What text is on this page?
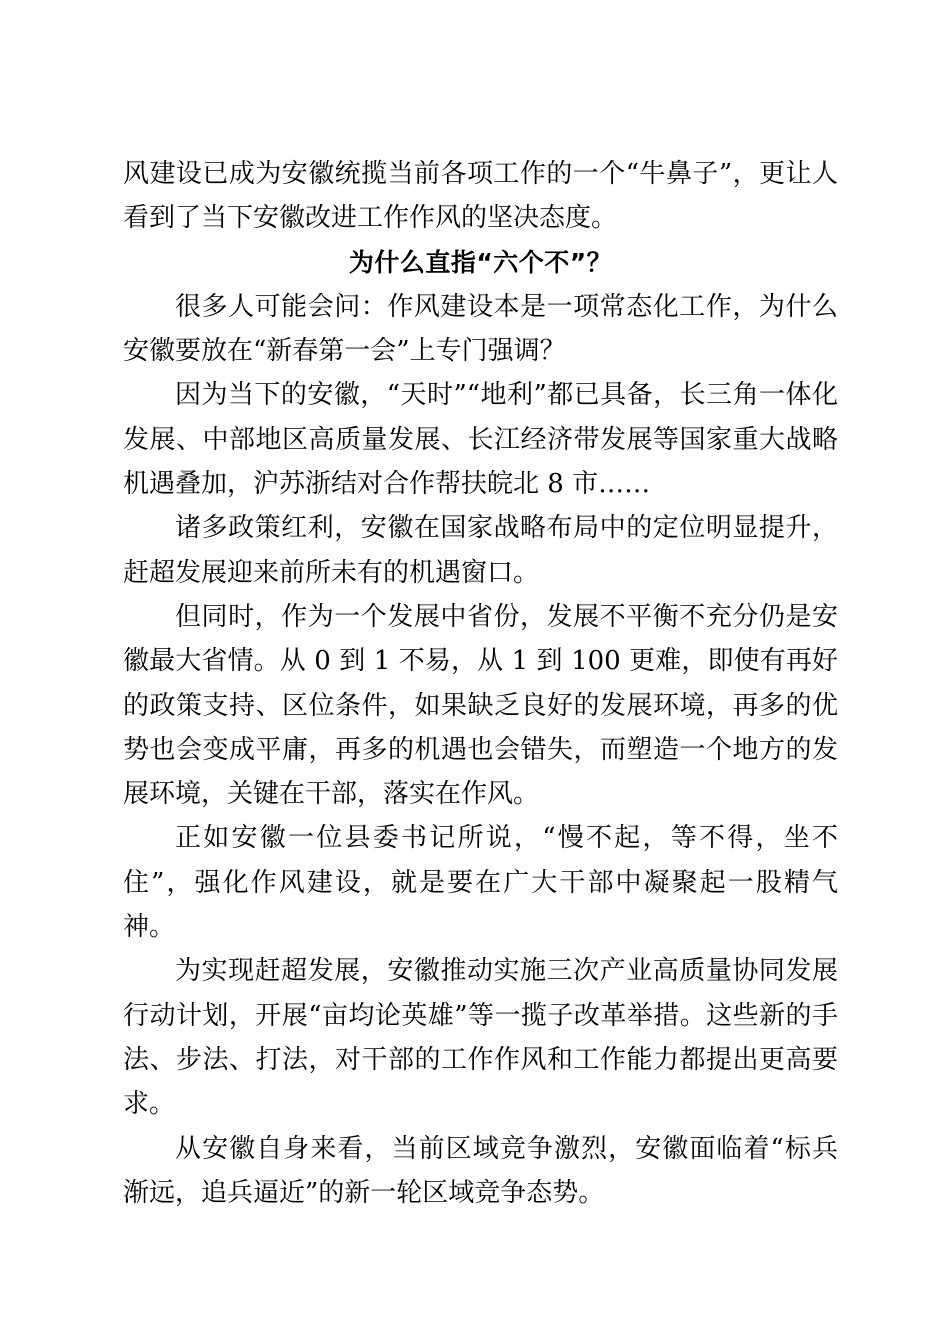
风建设已成为安徽统揽当前各项工作的一个“牛鼻子”，更让人看到了当下安徽改进工作作风的坚决态度。

为什么直指“六个不”？

很多人可能会问：作风建设本是一项常态化工作，为什么安徽要放在“新春第一会”上专门强调？

因为当下的安徽，“天时”“地利”都已具备，长三角一体化发展、中部地区高质量发展、长江经济带发展等国家重大战略机遇叠加，沪苏浙结对合作帮扶皖北 8 市……

诸多政策红利，安徽在国家战略布局中的定位明显提升，赶超发展迎来前所未有的机遇窗口。

但同时，作为一个发展中省份，发展不平衡不充分仍是安徽最大省情。从 0 到 1 不易，从 1 到 100 更难，即使有再好的政策支持、区位条件，如果缺乏良好的发展环境，再多的优势也会变成平庸，再多的机遇也会错失，而塑造一个地方的发展环境，关键在干部，落实在作风。

正如安徽一位县委书记所说，“慢不起，等不得，坐不住”，强化作风建设，就是要在广大干部中凝聚起一股精气神。

为实现赶超发展，安徽推动实施三次产业高质量协同发展行动计划，开展“亩均论英雄”等一揽子改革举措。这些新的手法、步法、打法，对干部的工作作风和工作能力都提出更高要求。

从安徽自身来看，当前区域竞争激烈，安徽面临着“标兵渐远，追兵逼近”的新一轮区域竞争态势。
